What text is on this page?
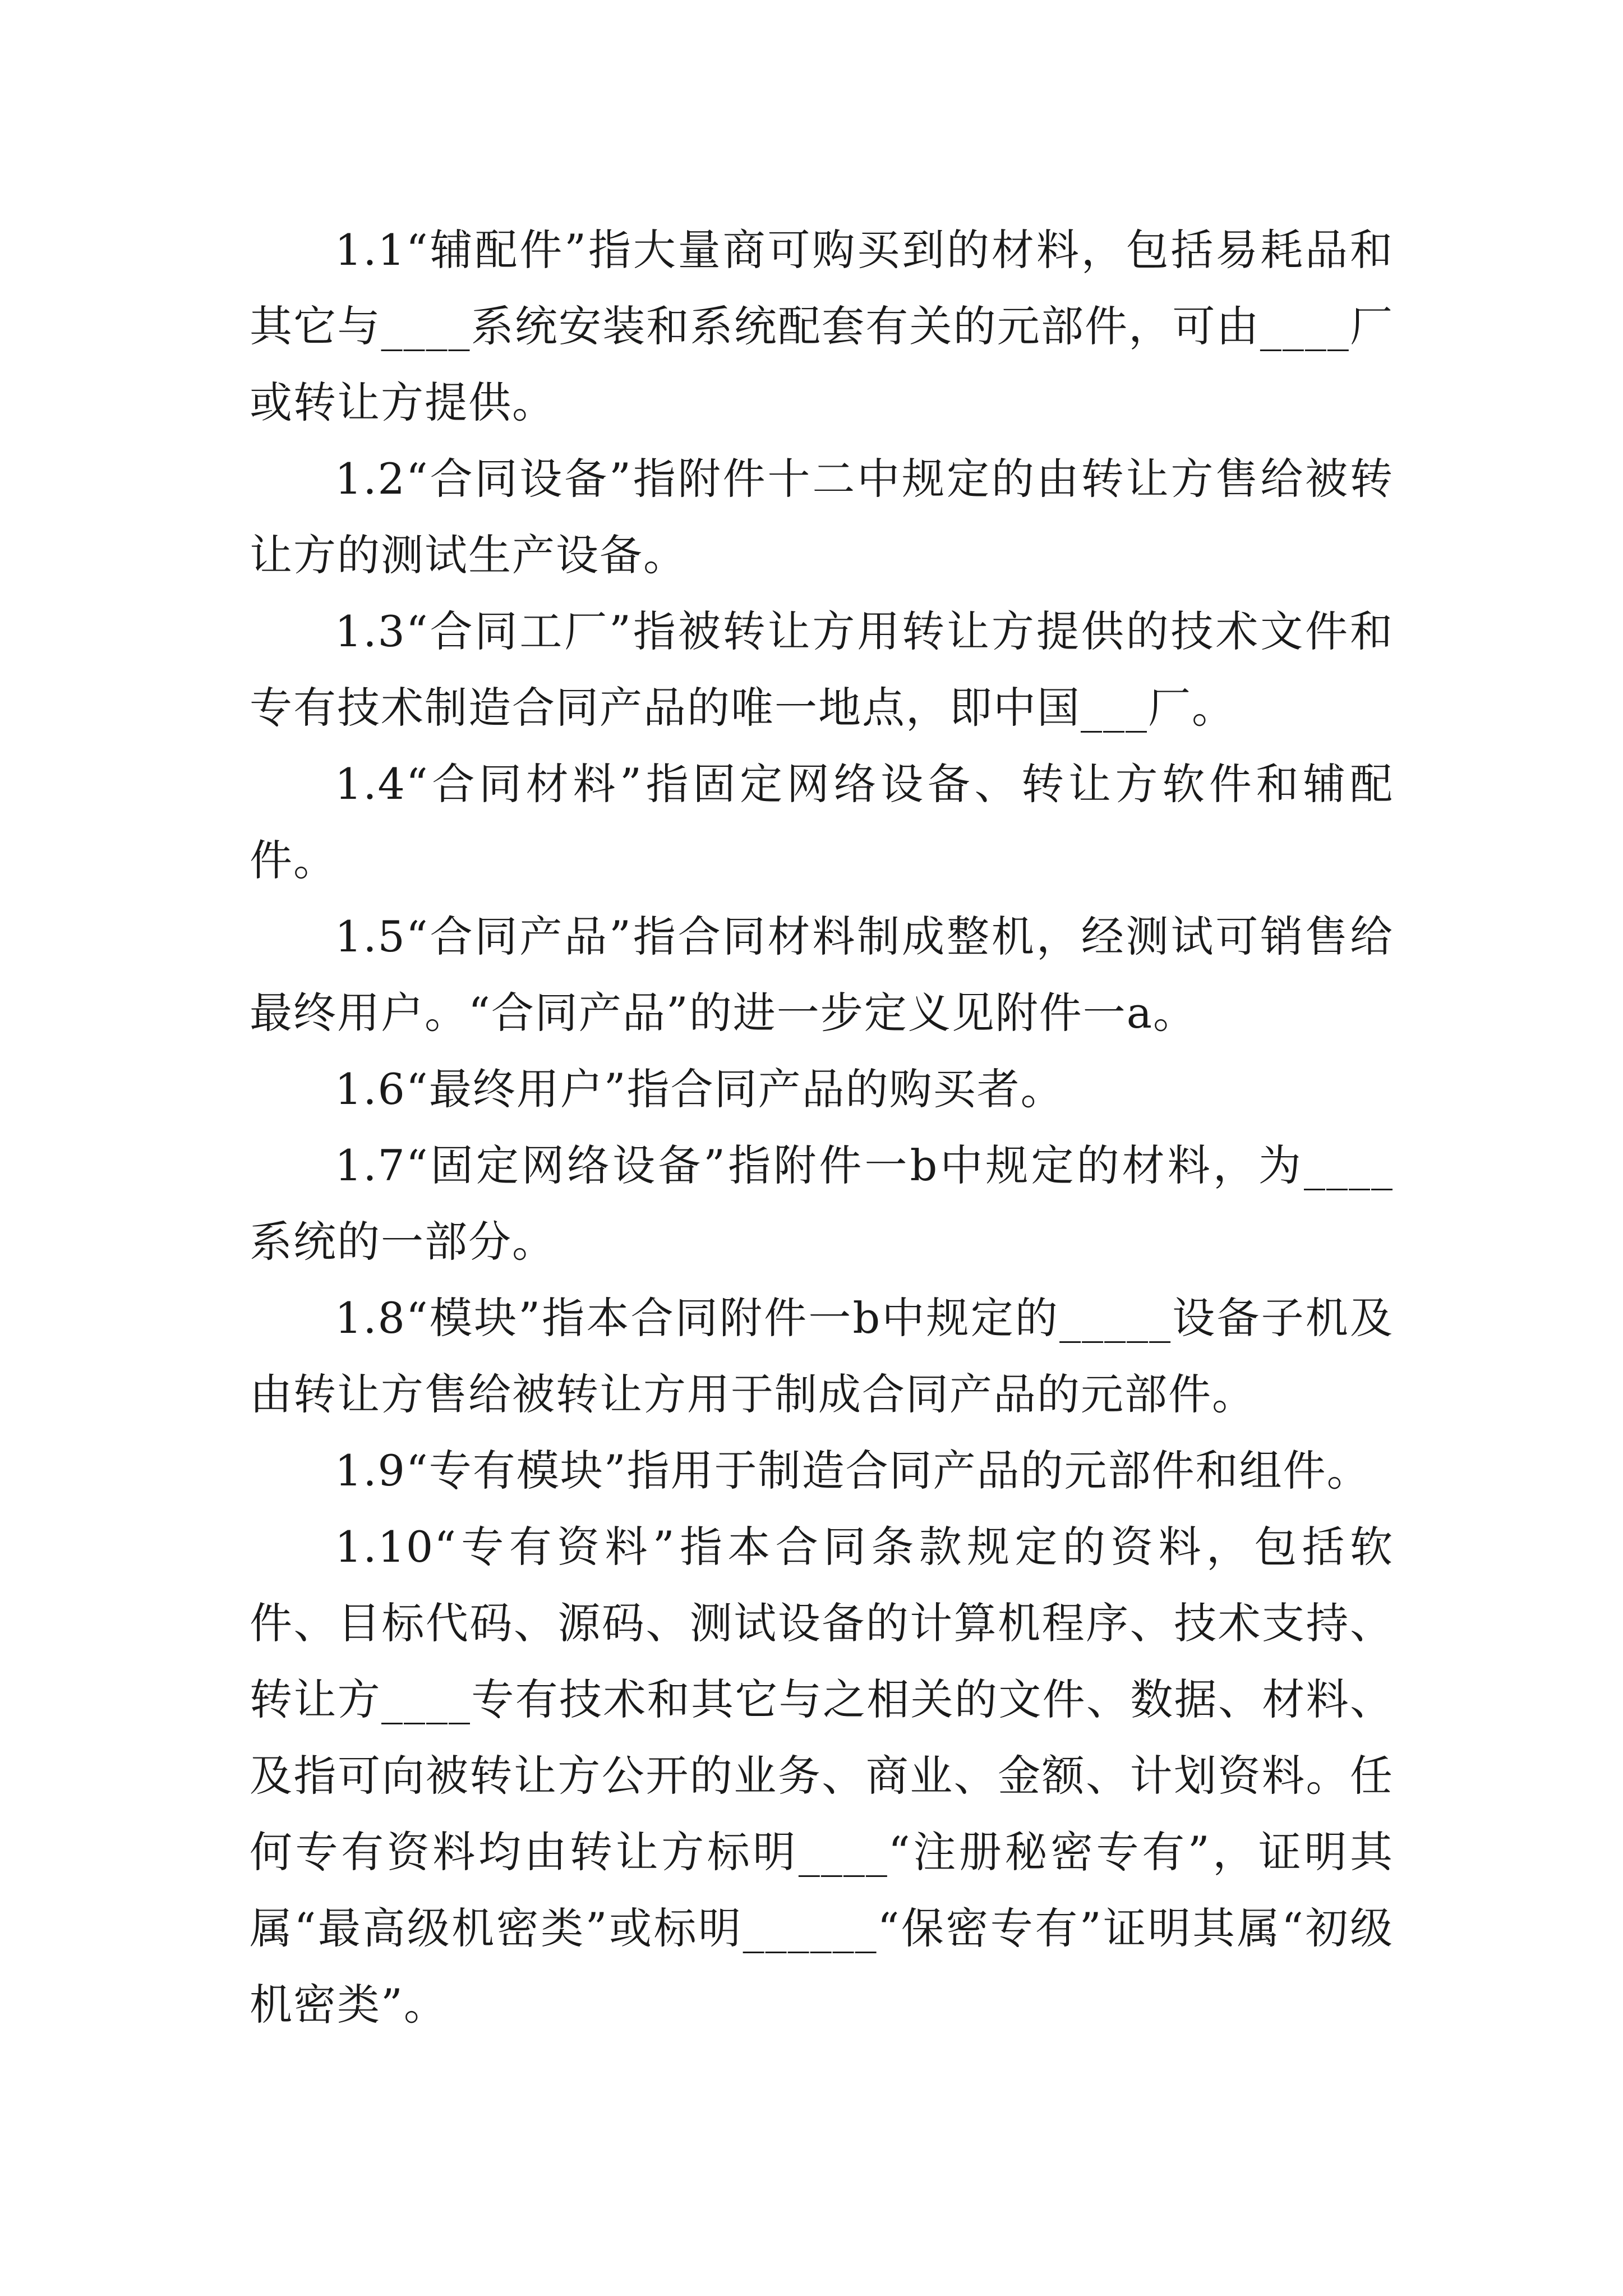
1.1“辅配件”指大量商可购买到的材料，包括易耗品和其它与____系统安装和系统配套有关的元部件，可由____厂或转让方提供。

1.2“合同设备”指附件十二中规定的由转让方售给被转让方的测试生产设备。

1.3“合同工厂”指被转让方用转让方提供的技术文件和专有技术制造合同产品的唯一地点，即中国___厂。

1.4“合同材料”指固定网络设备、转让方软件和辅配件。

1.5“合同产品”指合同材料制成整机，经测试可销售给最终用户。“合同产品”的进一步定义见附件一a。

1.6“最终用户”指合同产品的购买者。

1.7“固定网络设备”指附件一b中规定的材料，为____系统的一部分。

1.8“模块”指本合同附件一b中规定的_____设备子机及由转让方售给被转让方用于制成合同产品的元部件。

1.9“专有模块”指用于制造合同产品的元部件和组件。

1.10“专有资料”指本合同条款规定的资料，包括软件、目标代码、源码、测试设备的计算机程序、技术支持、转让方____专有技术和其它与之相关的文件、数据、材料、及指可向被转让方公开的业务、商业、金额、计划资料。任何专有资料均由转让方标明____“注册秘密专有”，证明其属“最高级机密类”或标明______“保密专有”证明其属“初级机密类”。
